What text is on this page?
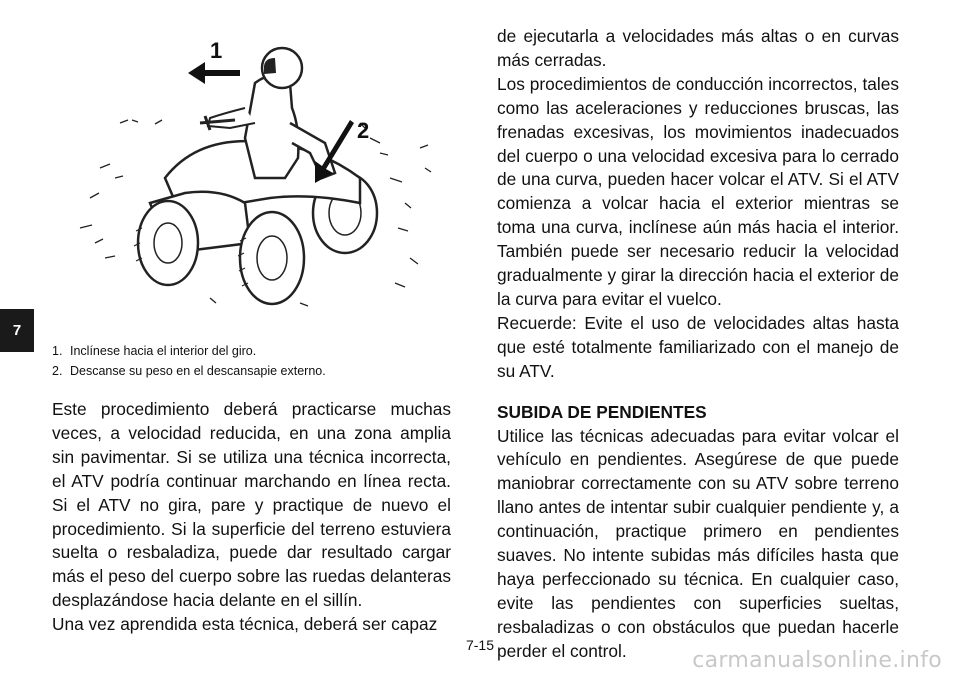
7
1
2
1. Inclínese hacia el interior del giro.
2. Descanse su peso en el descansapie externo.

Este procedimiento deberá practicarse muchas veces, a velocidad reducida, en una zona amplia sin pavimentar. Si se utiliza una técnica incorrecta, el ATV podría continuar marchando en línea recta. Si el ATV no gira, pare y practique de nuevo el procedimiento. Si la superficie del terreno estuviera suelta o resbaladiza, puede dar resultado cargar más el peso del cuerpo sobre las ruedas delanteras desplazándose hacia delante en el sillín.

Una vez aprendida esta técnica, deberá ser capaz

de ejecutarla a velocidades más altas o en curvas más cerradas.

Los procedimientos de conducción incorrectos, tales como las aceleraciones y reducciones bruscas, las frenadas excesivas, los movimientos inadecuados del cuerpo o una velocidad excesiva para lo cerrado de una curva, pueden hacer volcar el ATV. Si el ATV comienza a volcar hacia el exterior mientras se toma una curva, inclínese aún más hacia el interior. También puede ser necesario reducir la velocidad gradualmente y girar la dirección hacia el exterior de la curva para evitar el vuelco.

Recuerde: Evite el uso de velocidades altas hasta que esté totalmente familiarizado con el manejo de su ATV.

SUBIDA DE PENDIENTES

Utilice las técnicas adecuadas para evitar volcar el vehículo en pendientes. Asegúrese de que puede maniobrar correctamente con su ATV sobre terreno llano antes de intentar subir cualquier pendiente y, a continuación, practique primero en pendientes suaves. No intente subidas más difíciles hasta que haya perfeccionado su técnica. En cualquier caso, evite las pendientes con superficies sueltas, resbaladizas o con obstáculos que puedan hacerle perder el control.

7-15
carmanualsonline.info
